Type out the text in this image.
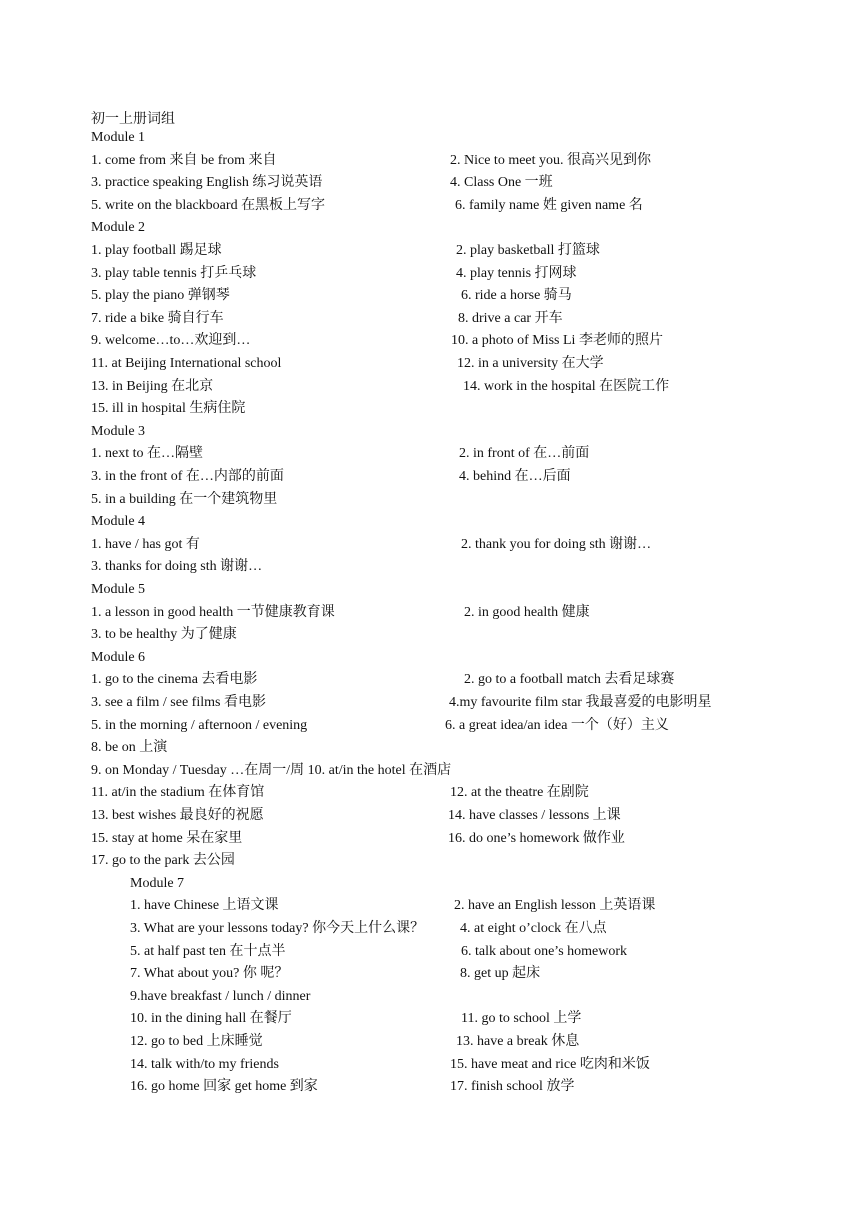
初一上册词组
Module 1
1. come from 来自 be from 来自	2. Nice to meet you. 很高兴见到你
3. practice speaking English 练习说英语	4. Class One 一班
5. write on the blackboard 在黑板上写字	6. family name 姓 given name 名
Module 2
1. play football 踢足球	2. play basketball 打篮球
3. play table tennis 打乒乓球	4. play tennis 打网球
5. play the piano 弹钢琴	6. ride a horse 骑马
7. ride a bike 骑自行车	8. drive a car 开车
9. welcome…to…欢迎到…	10. a photo of Miss Li 李老师的照片
11. at Beijing International school	12. in a university 在大学
13. in Beijing 在北京	14. work in the hospital 在医院工作
15. ill in hospital 生病住院
Module 3
1. next to 在…隔壁	2. in front of 在…前面
3. in the front of 在…内部的前面	4. behind 在…后面
5. in a building 在一个建筑物里
Module 4
1. have / has got 有	2. thank you for doing sth 谢谢…
3. thanks for doing sth 谢谢…
Module 5
1. a lesson in good health 一节健康教育课	2. in good health 健康
3. to be healthy 为了健康
Module 6
1. go to the cinema 去看电影	2. go to a football match 去看足球赛
3. see a film / see films 看电影	4.my favourite film star 我最喜爱的电影明星
5. in the morning / afternoon / evening	6. a great idea/an idea 一个（好）主义
8. be on 上演
9. on Monday / Tuesday …在周一/周 10. at/in the hotel 在酒店
11. at/in the stadium 在体育馆	12. at the theatre 在剧院
13. best wishes 最良好的祝愿	14. have classes / lessons 上课
15. stay at home 呆在家里	16. do one’s homework 做作业
17. go to the park 去公园
Module 7
1. have Chinese 上语文课	2. have an English lesson 上英语课
3. What are your lessons today? 你今天上什么课？	4. at eight o’clock 在八点
5. at half past ten 在十点半	6. talk about one’s homework
7. What about you? 你 呢？	8. get up 起床
9.have breakfast / lunch / dinner
10. in the dining hall 在餐厅	11. go to school 上学
12. go to bed 上床睡觉	13. have a break 休息
14. talk with/to my friends	15. have meat and rice 吃肉和米饭
16. go home 回家 get home 到家	17. finish school 放学
